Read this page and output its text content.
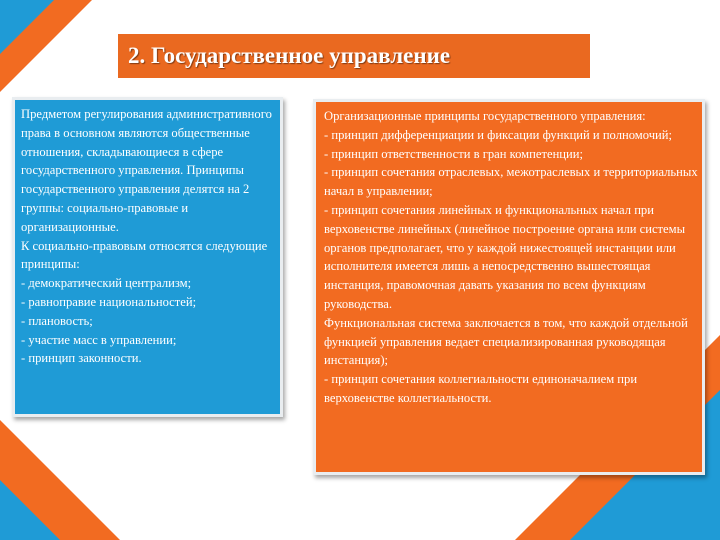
2. Государственное управление
Предметом регулирования административного права в основном являются общественные отношения, складывающиеся в сфере государственного управления. Принципы государственного управления делятся на 2 группы: социально-правовые и организационные.
К социально-правовым относятся следующие принципы:
- демократический централизм;
- равноправие национальностей;
- плановость;
- участие масс в управлении;
- принцип законности.
Организационные принципы государственного управления:
- принцип дифференциации и фиксации функций и полномочий;
- принцип ответственности в гран компетенции;
- принцип сочетания отраслевых, межотраслевых и территориальных начал в управлении;
- принцип сочетания линейных и функциональных начал при верховенстве линейных (линейное построение органа или системы органов предполагает, что у каждой нижестоящей инстанции или исполнителя имеется лишь а непосредственно вышестоящая инстанция, правомочная давать указания по всем функциям руководства.
Функциональная система заключается в том, что каждой отдельной функцией управления ведает специализированная руководящая инстанция);
- принцип сочетания коллегиальности единоначалием при верховенстве коллегиальности.
